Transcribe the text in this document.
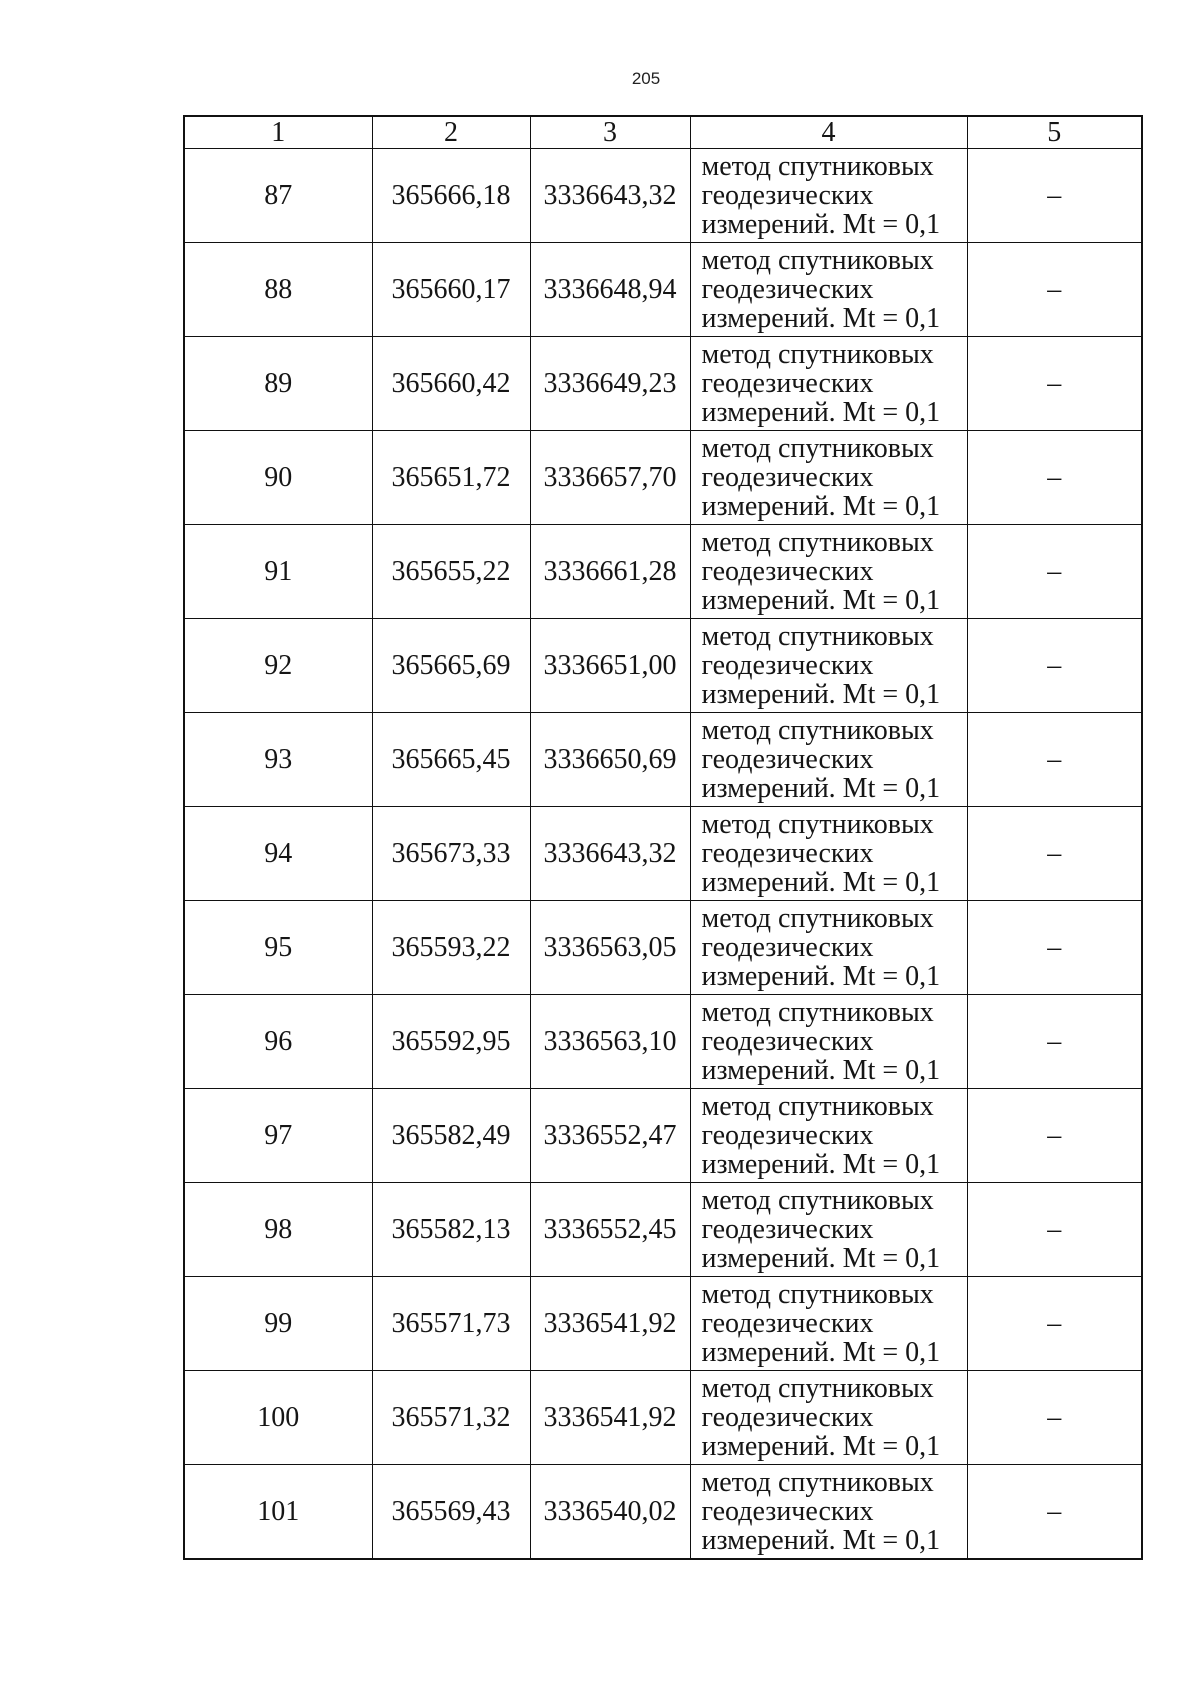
205
1	2	3	4	5
87	365666,18	3336643,32	метод спутниковых геодезических измерений. Mt = 0,1	–
88	365660,17	3336648,94	метод спутниковых геодезических измерений. Mt = 0,1	–
89	365660,42	3336649,23	метод спутниковых геодезических измерений. Mt = 0,1	–
90	365651,72	3336657,70	метод спутниковых геодезических измерений. Mt = 0,1	–
91	365655,22	3336661,28	метод спутниковых геодезических измерений. Mt = 0,1	–
92	365665,69	3336651,00	метод спутниковых геодезических измерений. Mt = 0,1	–
93	365665,45	3336650,69	метод спутниковых геодезических измерений. Mt = 0,1	–
94	365673,33	3336643,32	метод спутниковых геодезических измерений. Mt = 0,1	–
95	365593,22	3336563,05	метод спутниковых геодезических измерений. Mt = 0,1	–
96	365592,95	3336563,10	метод спутниковых геодезических измерений. Mt = 0,1	–
97	365582,49	3336552,47	метод спутниковых геодезических измерений. Mt = 0,1	–
98	365582,13	3336552,45	метод спутниковых геодезических измерений. Mt = 0,1	–
99	365571,73	3336541,92	метод спутниковых геодезических измерений. Mt = 0,1	–
100	365571,32	3336541,92	метод спутниковых геодезических измерений. Mt = 0,1	–
101	365569,43	3336540,02	метод спутниковых геодезических измерений. Mt = 0,1	–
